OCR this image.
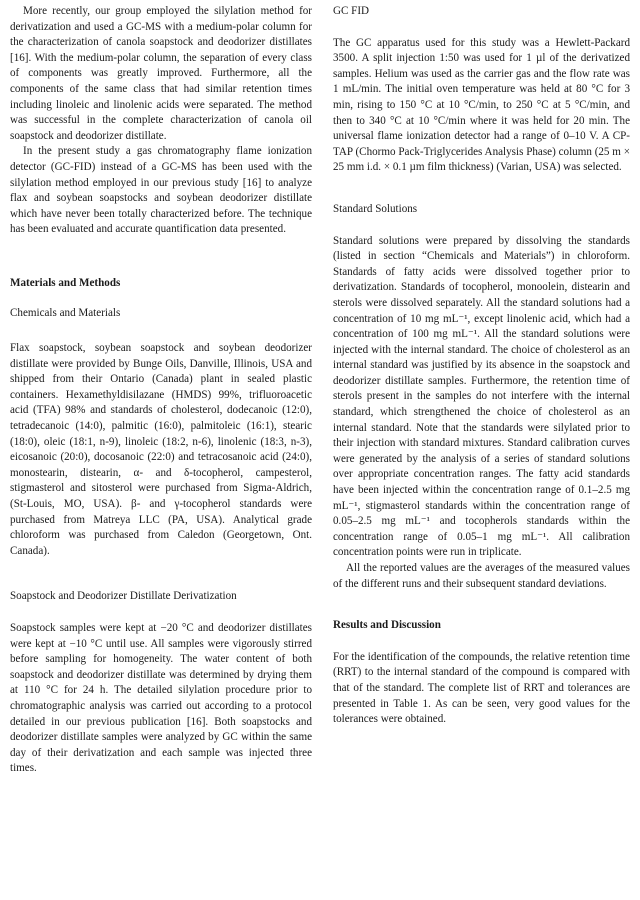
More recently, our group employed the silylation method for derivatization and used a GC-MS with a medium-polar column for the characterization of canola soapstock and deodorizer distillates [16]. With the medium-polar column, the separation of every class of components was greatly improved. Furthermore, all the components of the same class that had similar retention times including linoleic and linolenic acids were separated. The method was successful in the complete characterization of canola oil soapstock and deodorizer distillate.

In the present study a gas chromatography flame ionization detector (GC-FID) instead of a GC-MS has been used with the silylation method employed in our previous study [16] to analyze flax and soybean soapstocks and soybean deodorizer distillate which have never been totally characterized before. The technique has been evaluated and accurate quantification data presented.

Materials and Methods
Chemicals and Materials

Flax soapstock, soybean soapstock and soybean deodorizer distillate were provided by Bunge Oils, Danville, Illinois, USA and shipped from their Ontario (Canada) plant in sealed plastic containers. Hexamethyldisilazane (HMDS) 99%, trifluoroacetic acid (TFA) 98% and standards of cholesterol, dodecanoic (12:0), tetradecanoic (14:0), palmitic (16:0), palmitoleic (16:1), stearic (18:0), oleic (18:1, n-9), linoleic (18:2, n-6), linolenic (18:3, n-3), eicosanoic (20:0), docosanoic (22:0) and tetracosanoic acid (24:0), monostearin, distearin, α- and δ-tocopherol, campesterol, stigmasterol and sitosterol were purchased from Sigma-Aldrich, (St-Louis, MO, USA). β- and γ-tocopherol standards were purchased from Matreya LLC (PA, USA). Analytical grade chloroform was purchased from Caledon (Georgetown, Ont. Canada).

Soapstock and Deodorizer Distillate Derivatization

Soapstock samples were kept at −20 °C and deodorizer distillates were kept at −10 °C until use. All samples were vigorously stirred before sampling for homogeneity. The water content of both soapstock and deodorizer distillate was determined by drying them at 110 °C for 24 h. The detailed silylation procedure prior to chromatographic analysis was carried out according to a protocol detailed in our previous publication [16]. Both soapstocks and deodorizer distillate samples were analyzed by GC within the same day of their derivatization and each sample was injected three times.

GC FID

The GC apparatus used for this study was a Hewlett-Packard 3500. A split injection 1:50 was used for 1 µl of the derivatized samples. Helium was used as the carrier gas and the flow rate was 1 mL/min. The initial oven temperature was held at 80 °C for 3 min, rising to 150 °C at 10 °C/min, to 250 °C at 5 °C/min, and then to 340 °C at 10 °C/min where it was held for 20 min. The universal flame ionization detector had a range of 0–10 V. A CP-TAP (Chormo Pack-Triglycerides Analysis Phase) column (25 m × 25 mm i.d. × 0.1 µm film thickness) (Varian, USA) was selected.

Standard Solutions

Standard solutions were prepared by dissolving the standards (listed in section “Chemicals and Materials”) in chloroform. Standards of fatty acids were dissolved together prior to derivatization. Standards of tocopherol, monoolein, distearin and sterols were dissolved separately. All the standard solutions had a concentration of 10 mg mL⁻¹, except linolenic acid, which had a concentration of 100 mg mL⁻¹. All the standard solutions were injected with the internal standard. The choice of cholesterol as an internal standard was justified by its absence in the soapstock and deodorizer distillate samples. Furthermore, the retention time of sterols present in the samples do not interfere with the internal standard, which strengthened the choice of cholesterol as an internal standard. Note that the standards were silylated prior to their injection with standard mixtures. Standard calibration curves were generated by the analysis of a series of standard solutions over appropriate concentration ranges. The fatty acid standards have been injected within the concentration range of 0.1–2.5 mg mL⁻¹, stigmasterol standards within the concentration range of 0.05–2.5 mg mL⁻¹ and tocopherols standards within the concentration range of 0.05–1 mg mL⁻¹. All calibration concentration points were run in triplicate.

All the reported values are the averages of the measured values of the different runs and their subsequent standard deviations.

Results and Discussion

For the identification of the compounds, the relative retention time (RRT) to the internal standard of the compound is compared with that of the standard. The complete list of RRT and tolerances are presented in Table 1. As can be seen, very good values for the tolerances were obtained.
